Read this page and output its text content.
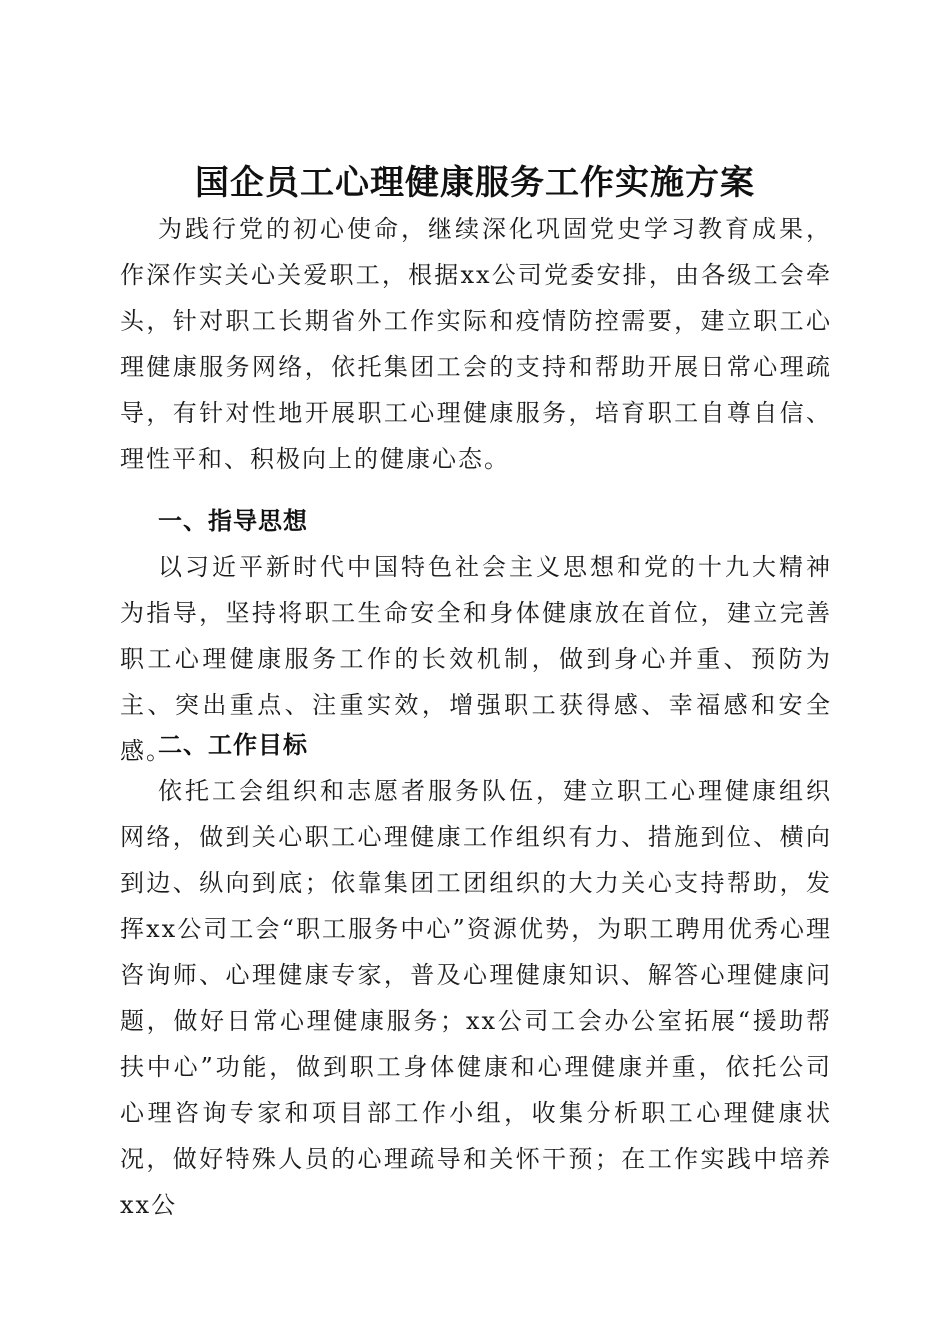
国企员工心理健康服务工作实施方案

为践行党的初心使命，继续深化巩固党史学习教育成果，作深作实关心关爱职工，根据xx公司党委安排，由各级工会牵头，针对职工长期省外工作实际和疫情防控需要，建立职工心理健康服务网络，依托集团工会的支持和帮助开展日常心理疏导，有针对性地开展职工心理健康服务，培育职工自尊自信、理性平和、积极向上的健康心态。

一、指导思想

以习近平新时代中国特色社会主义思想和党的十九大精神为指导，坚持将职工生命安全和身体健康放在首位，建立完善职工心理健康服务工作的长效机制，做到身心并重、预防为主、突出重点、注重实效，增强职工获得感、幸福感和安全感。

二、工作目标

依托工会组织和志愿者服务队伍，建立职工心理健康组织网络，做到关心职工心理健康工作组织有力、措施到位、横向到边、纵向到底；依靠集团工团组织的大力关心支持帮助，发挥xx公司工会“职工服务中心”资源优势，为职工聘用优秀心理咨询师、心理健康专家，普及心理健康知识、解答心理健康问题，做好日常心理健康服务；xx公司工会办公室拓展“援助帮扶中心”功能，做到职工身体健康和心理健康并重，依托公司心理咨询专家和项目部工作小组，收集分析职工心理健康状况，做好特殊人员的心理疏导和关怀干预；在工作实践中培养xx公
